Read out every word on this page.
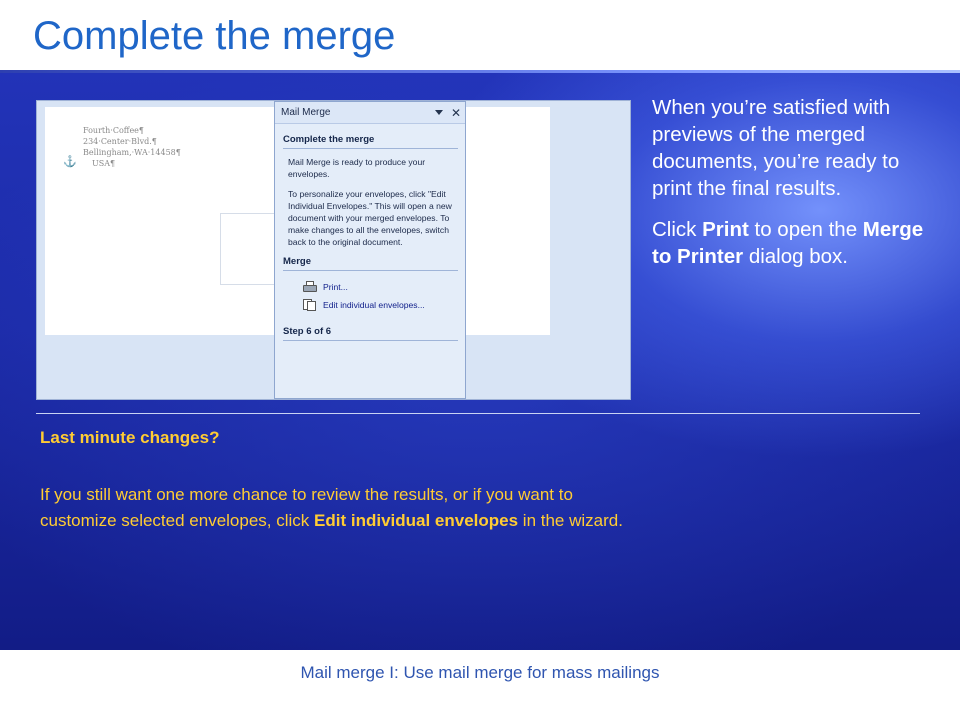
Complete the merge
Fourth·Coffee¶
234·Center·Blvd.¶
Bellingham,·WA·14458¶
USA¶
⚓
Mail Merge	✕
Complete the merge
Mail Merge is ready to produce your envelopes.
To personalize your envelopes, click "Edit Individual Envelopes." This will open a new document with your merged envelopes. To make changes to all the envelopes, switch back to the original document.
Merge
Print...
Edit individual envelopes...
Step 6 of 6

When you’re satisfied with previews of the merged documents, you’re ready to print the final results.

Click Print to open the Merge to Printer dialog box.

Last minute changes?
If you still want one more chance to review the results, or if you want to customize selected envelopes, click Edit individual envelopes in the wizard.
Mail merge I: Use mail merge for mass mailings
